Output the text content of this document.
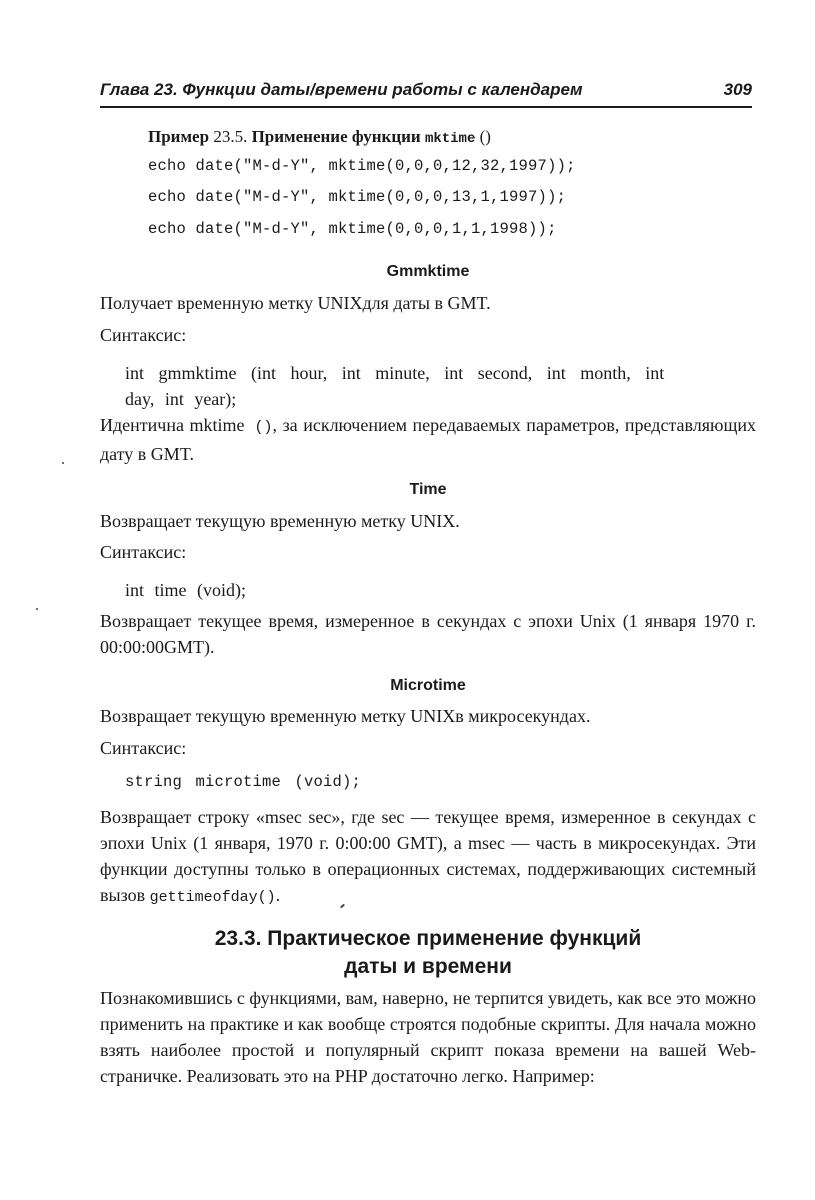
Глава 23. Функции даты/времени работы с календарем	309
Пример 23.5. Применение функции mktime ()
echo date("M-d-Y", mktime(0,0,0,12,32,1997));
echo date("M-d-Y", mktime(0,0,0,13,1,1997));
echo date("M-d-Y", mktime(0,0,0,1,1,1998));
Gmmktime
Получает временную метку UNIXдля даты в GMT.
Синтаксис:
int gmmktime (int hour, int minute, int second, int month, int
day, int year);
Идентична mktime (), за исключением передаваемых параметров, представляющих дату в GMT.
Time
Возвращает текущую временную метку UNIX.
Синтаксис:
int time (void);
Возвращает текущее время, измеренное в секундах с эпохи Unix (1 января 1970 г. 00:00:00GMT).
Microtime
Возвращает текущую временную метку UNIXв микросекундах.
Синтаксис:
string microtime (void);
Возвращает строку «msec sec», где sec — текущее время, измеренное в секундах с эпохи Unix (1 января, 1970 г. 0:00:00 GMT), а msec — часть в микросекундах. Эти функции доступны только в операционных системах, поддерживающих системный вызов gettimeofday().
23.3. Практическое применение функций
даты и времени
Познакомившись с функциями, вам, наверно, не терпится увидеть, как все это можно применить на практике и как вообще строятся подобные скрипты. Для начала можно взять наиболее простой и популярный скрипт показа времени на вашей Web-страничке. Реализовать это на PHP достаточно легко. Например:
